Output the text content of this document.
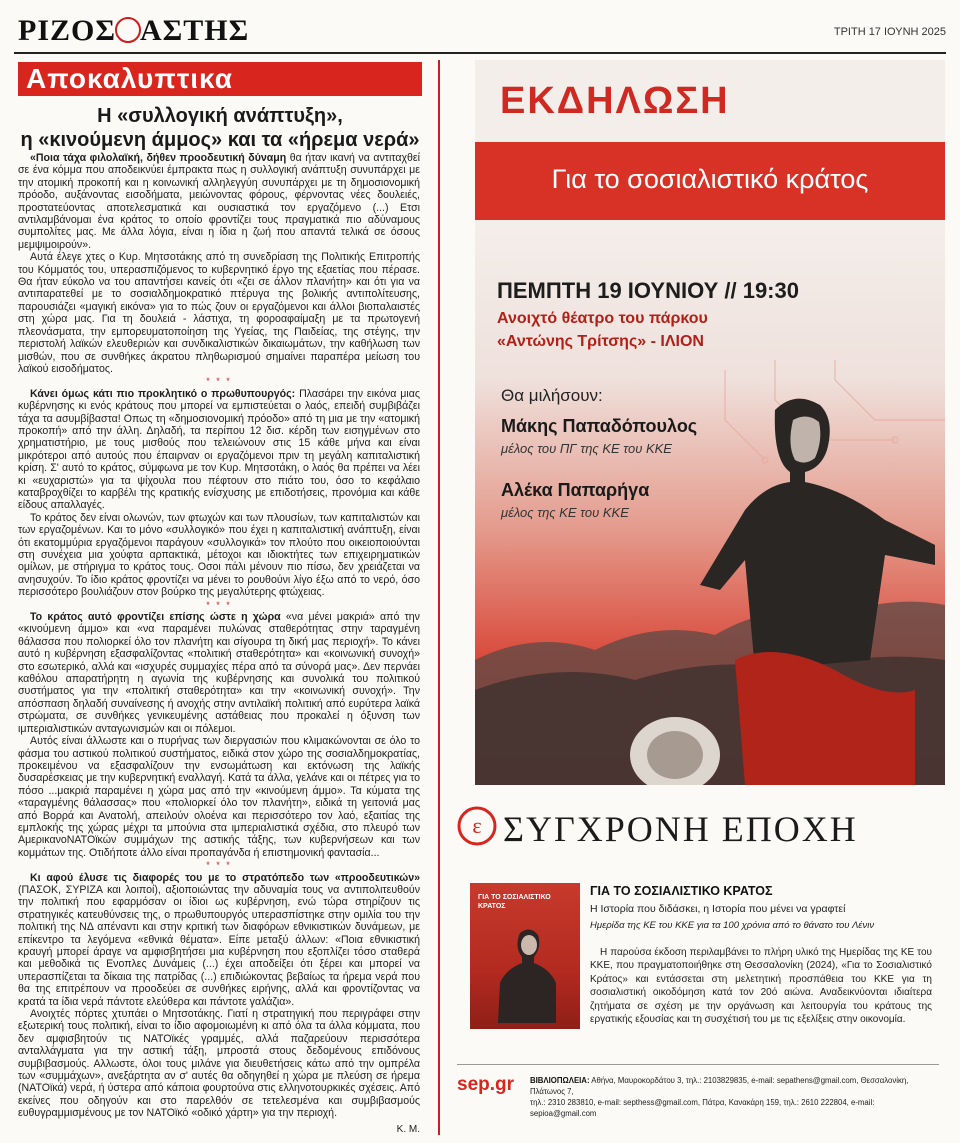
ΡΙΖΟΣ ΑΣΤΗΣ	ΤΡΙΤΗ 17 ΙΟΥΝΗ 2025
Αποκαλυπτικα
Η «συλλογική ανάπτυξη»,
η «κινούμενη άμμος» και τα «ήρεμα νερά»

«Ποια τάχα φιλολαϊκή, δήθεν προοδευτική δύναμη θα ήταν ικανή να αντιταχθεί σε ένα κόμμα που αποδεικνύει έμπρακτα πως η συλλογική ανάπτυξη συνυπάρχει με την ατομική προκοπή και η κοινωνική αλληλεγγύη συνυπάρχει με τη δημοσιονομική πρόοδο, αυξάνοντας εισοδήματα, μειώνοντας φόρους, φέρνοντας νέες δουλειές, προστατεύοντας αποτελεσματικά και ουσιαστικά τον εργαζόμενο (...) Ετσι αντιλαμβάνομαι ένα κράτος το οποίο φροντίζει τους πραγματικά πιο αδύναμους συμπολίτες μας. Με άλλα λόγια, είναι η ίδια η ζωή που απαντά τελικά σε όσους μεμψιμοιρούν».

Αυτά έλεγε χτες ο Κυρ. Μητσοτάκης από τη συνεδρίαση της Πολιτικής Επιτροπής του Κόμματός του, υπερασπιζόμενος το κυβερνητικό έργο της εξαετίας που πέρασε. Θα ήταν εύκολο να του απαντήσει κανείς ότι «ζει σε άλλον πλανήτη» και ότι για να αντιπαρατεθεί με το σοσιαλδημοκρατικό πτέρυγα της βολικής αντιπολίτευσης, παρουσιάζει «μαγική εικόνα» για το πώς ζουν οι εργαζόμενοι και άλλοι βιοπαλαιστές στη χώρα μας. Για τη δουλειά - λάστιχα, τη φοροαφαίμαξη με τα πρωτογενή πλεονάσματα, την εμπορευματοποίηση της Υγείας, της Παιδείας, της στέγης, την περιστολή λαϊκών ελευθεριών και συνδικαλιστικών δικαιωμάτων, την καθήλωση των μισθών, που σε συνθήκες άκρατου πληθωρισμού σημαίνει παραπέρα μείωση του λαϊκού εισοδήματος.

* * *

Κάνει όμως κάτι πιο προκλητικό ο πρωθυπουργός: Πλασάρει την εικόνα μιας κυβέρνησης κι ενός κράτους που μπορεί να εμπιστεύεται ο λαός, επειδή συμβιβάζει τάχα τα ασυμβίβαστα! Οπως τη «δημοσιονομική πρόοδο» από τη μια με την «ατομική προκοπή» από την άλλη. Δηλαδή, τα περίπου 12 δισ. κέρδη των εισηγμένων στο χρηματιστήριο, με τους μισθούς που τελειώνουν στις 15 κάθε μήνα και είναι μικρότεροι από αυτούς που έπαιρναν οι εργαζόμενοι πριν τη μεγάλη καπιταλιστική κρίση. Σ' αυτό το κράτος, σύμφωνα με τον Κυρ. Μητσοτάκη, ο λαός θα πρέπει να λέει κι «ευχαριστώ» για τα ψίχουλα που πέφτουν στο πιάτο του, όσο το κεφάλαιο καταβροχθίζει το καρβέλι της κρατικής ενίσχυσης με επιδοτήσεις, προνόμια και κάθε είδους απαλλαγές.

Το κράτος δεν είναι ολωνών, των φτωχών και των πλουσίων, των καπιταλιστών και των εργαζομένων. Και το μόνο «συλλογικό» που έχει η καπιταλιστική ανάπτυξη, είναι ότι εκατομμύρια εργαζόμενοι παράγουν «συλλογικά» τον πλούτο που οικειοποιούνται στη συνέχεια μια χούφτα αρπακτικά, μέτοχοι και ιδιοκτήτες των επιχειρηματικών ομίλων, με στήριγμα το κράτος τους. Οσοι πάλι μένουν πιο πίσω, δεν χρειάζεται να ανησυχούν. Το ίδιο κράτος φροντίζει να μένει το ρουθούνι λίγο έξω από το νερό, όσο περισσότερο βουλιάζουν στον βούρκο της μεγαλύτερης φτώχειας.

* * *

Το κράτος αυτό φροντίζει επίσης ώστε η χώρα «να μένει μακριά» από την «κινούμενη άμμο» και «να παραμένει πυλώνας σταθερότητας στην ταραγμένη θάλασσα που πολιορκεί όλο τον πλανήτη και σίγουρα τη δική μας περιοχή». Το κάνει αυτό η κυβέρνηση εξασφαλίζοντας «πολιτική σταθερότητα» και «κοινωνική συνοχή» στο εσωτερικό, αλλά και «ισχυρές συμμαχίες πέρα από τα σύνορά μας». Δεν περνάει καθόλου απαρατήρητη η αγωνία της κυβέρνησης και συνολικά του πολιτικού συστήματος για την «πολιτική σταθερότητα» και την «κοινωνική συνοχή». Την απόσπαση δηλαδή συναίνεσης ή ανοχής στην αντιλαϊκή πολιτική από ευρύτερα λαϊκά στρώματα, σε συνθήκες γενικευμένης αστάθειας που προκαλεί η όξυνση των ιμπεριαλιστικών ανταγωνισμών και οι πόλεμοι.

Αυτός είναι άλλωστε και ο πυρήνας των διεργασιών που κλιμακώνονται σε όλο το φάσμα του αστικού πολιτικού συστήματος, ειδικά στον χώρο της σοσιαλδημοκρατίας, προκειμένου να εξασφαλίζουν την ενσωμάτωση και εκτόνωση της λαϊκής δυσαρέσκειας με την κυβερνητική εναλλαγή. Κατά τα άλλα, γελάνε και οι πέτρες για το πόσο ...μακριά παραμένει η χώρα μας από την «κινούμενη άμμο». Τα κύματα της «ταραγμένης θάλασσας» που «πολιορκεί όλο τον πλανήτη», ειδικά τη γειτονιά μας από Βορρά και Ανατολή, απειλούν ολοένα και περισσότερο τον λαό, εξαιτίας της εμπλοκής της χώρας μέχρι τα μπούνια στα ιμπεριαλιστικά σχέδια, στο πλευρό των ΑμερικανοΝΑΤΟϊκών συμμάχων της αστικής τάξης, των κυβερνήσεων και των κομμάτων της. Οτιδήποτε άλλο είναι προπαγάνδα ή επιστημονική φαντασία...

* * *

Κι αφού έλυσε τις διαφορές του με το στρατόπεδο των «προοδευτικών» (ΠΑΣΟΚ, ΣΥΡΙΖΑ και λοιποί), αξιοποιώντας την αδυναμία τους να αντιπολιτευθούν την πολιτική που εφαρμόσαν οι ίδιοι ως κυβέρνηση, ενώ τώρα στηρίζουν τις στρατηγικές κατευθύνσεις της, ο πρωθυπουργός υπερασπίστηκε στην ομιλία του την πολιτική της ΝΔ απέναντι και στην κριτική των διαφόρων εθνικιστικών δυνάμεων, με επίκεντρο τα λεγόμενα «εθνικά θέματα». Είπε μεταξύ άλλων: «Ποια εθνικιστική κραυγή μπορεί άραγε να αμφισβητήσει μια κυβέρνηση που εξοπλίζει τόσο σταθερά και μεθοδικά τις Ενοπλες Δυνάμεις (...) έχει αποδείξει ότι ξέρει και μπορεί να υπερασπίζεται τα δίκαια της πατρίδας (...) επιδιώκοντας βεβαίως τα ήρεμα νερά που θα της επιτρέπουν να προοδεύει σε συνθήκες ειρήνης, αλλά και φροντίζοντας να κρατά τα ίδια νερά πάντοτε ελεύθερα και πάντοτε γαλάζια».

Ανοιχτές πόρτες χτυπάει ο Μητσοτάκης. Γιατί η στρατηγική που περιγράφει στην εξωτερική τους πολιτική, είναι το ίδιο αφομοιωμένη κι από όλα τα άλλα κόμματα, που δεν αμφισβητούν τις ΝΑΤΟϊκές γραμμές, αλλά παζαρεύουν περισσότερα ανταλλάγματα για την αστική τάξη, μπροστά στους δεδομένους επιδόνους συμβιβασμούς. Αλλωστε, όλοι τους μιλάνε για διευθετήσεις κάτω από την ομπρέλα των «συμμάχων», ανεξάρτητα αν σ' αυτές θα οδηγηθεί η χώρα με πλεύση σε ήρεμα (ΝΑΤΟϊκά) νερά, ή ύστερα από κάποια φουρτούνα στις ελληνοτουρκικές σχέσεις. Από εκείνες που οδηγούν και στο παρελθόν σε τετελεσμένα και συμβιβασμούς ευθυγραμμισμένους με τον ΝΑΤΟϊκό «οδικό χάρτη» για την περιοχή.

Κ. Μ.
ΕΚΔΗΛΩΣΗ
Για το σοσιαλιστικό κράτος
ΠΕΜΠΤΗ 19 ΙΟΥΝΙΟΥ // 19:30
Ανοιχτό θέατρο του πάρκου
«Αντώνης Τρίτσης» - ΙΛΙΟΝ
Θα μιλήσουν:
Μάκης Παπαδόπουλος
μέλος του ΠΓ της ΚΕ του ΚΚΕ
Αλέκα Παπαρήγα
μέλος της ΚΕ του ΚΚΕ
ε ΣΥΓΧΡΟΝΗ ΕΠΟΧΗ
ΓΙΑ ΤΟ ΣΟΣΙΑΛΙΣΤΙΚΟ ΚΡΑΤΟΣ
ΓΙΑ ΤΟ ΣΟΣΙΑΛΙΣΤΙΚΟ ΚΡΑΤΟΣ
Η Ιστορία που διδάσκει, η Ιστορία που μένει να γραφτεί
Ημερίδα της ΚΕ του ΚΚΕ για τα 100 χρόνια από το θάνατο του Λένιν
Η παρούσα έκδοση περιλαμβάνει το πλήρη υλικό της Ημερίδας της ΚΕ του ΚΚΕ, που πραγματοποιήθηκε στη Θεσσαλονίκη (2024), «Για το Σοσιαλιστικό Κράτος» και εντάσσεται στη μελετητική προσπάθεια του ΚΚΕ για τη σοσιαλιστική οικοδόμηση κατά τον 20ό αιώνα. Αναδεικνύονται ιδιαίτερα ζητήματα σε σχέση με την οργάνωση και λειτουργία του κράτους της εργατικής εξουσίας και τη συσχέτισή του με τις εξελίξεις στην οικονομία.
sep.gr ΒΙΒΛΙΟΠΩΛΕΙΑ: Αθήνα, Μαυροκορδάτου 3, τηλ.: 2103829835, e-mail: sepathens@gmail.com, Θεσσαλονίκη, Πλάτωνος 7,
τηλ.: 2310 283810, e-mail: septhess@gmail.com, Πάτρα, Κανακάρη 159, τηλ.: 2610 222804, e-mail: sepioa@gmail.com
